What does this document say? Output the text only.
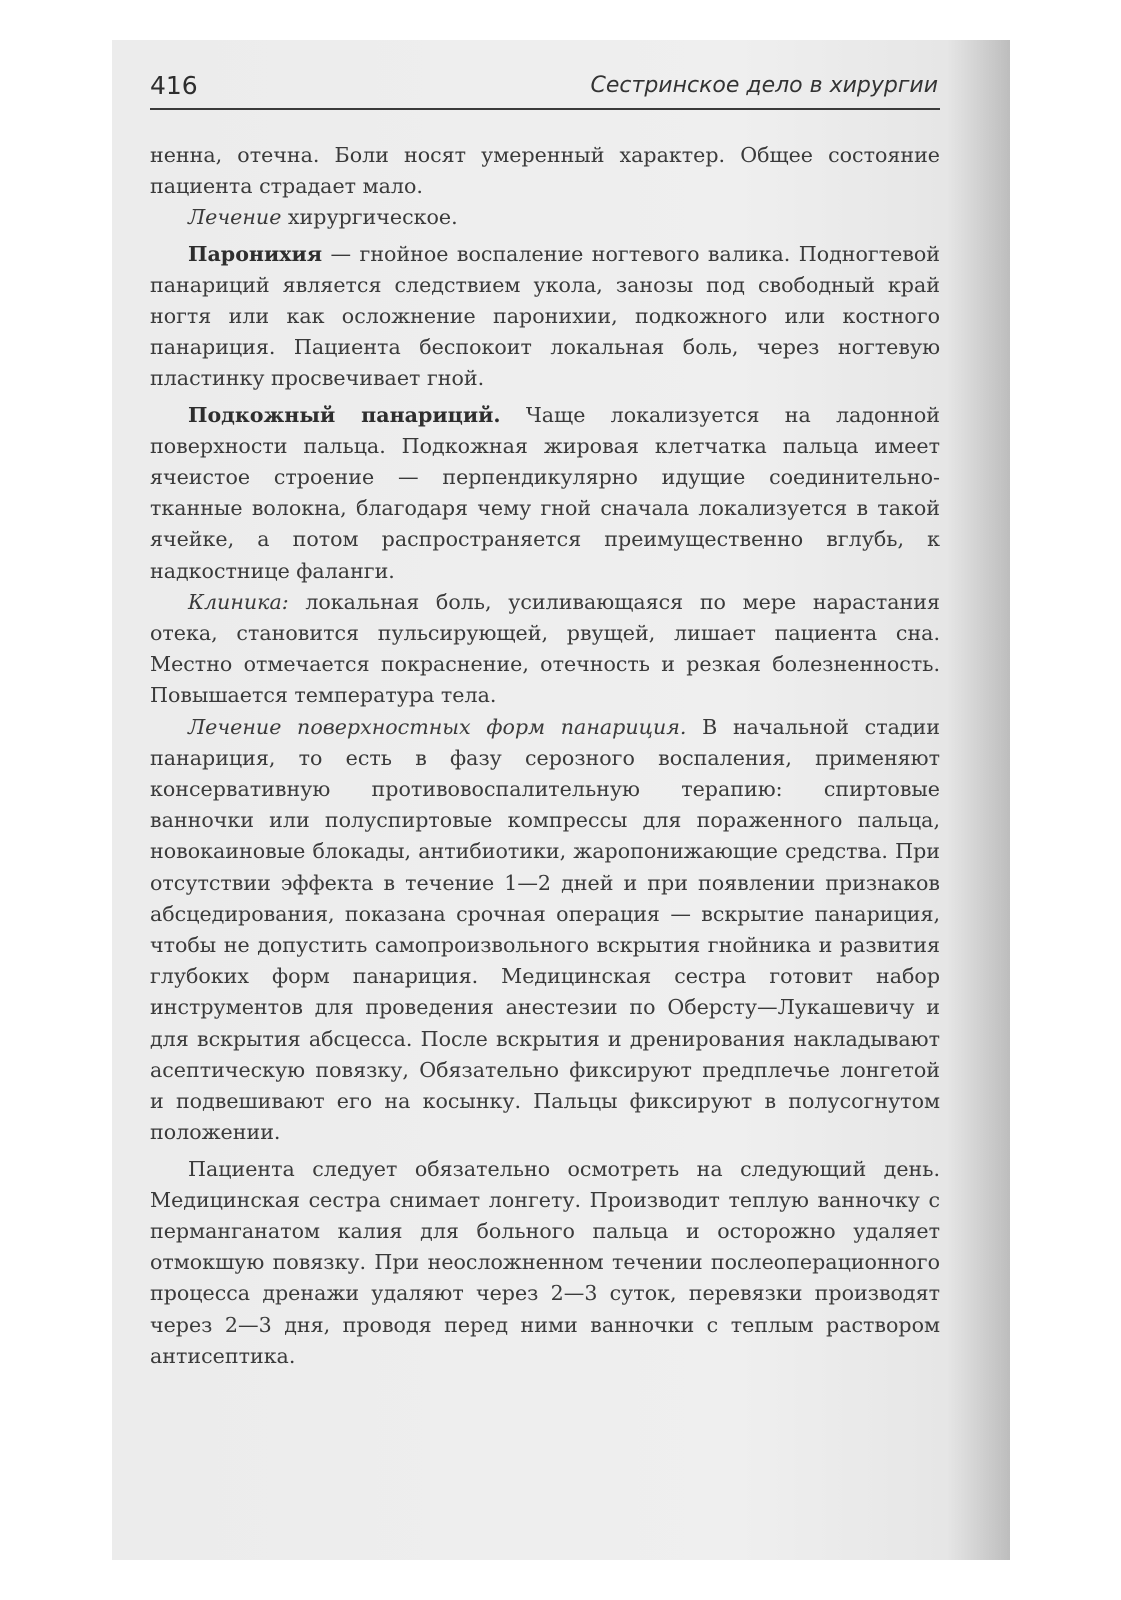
416	Сестринское дело в хирургии

ненна, отечна. Боли носят умеренный характер. Общее состояние пациента страдает мало.

Лечение хирургическое.

Паронихия — гнойное воспаление ногтевого валика. Подногтевой панариций является следствием укола, занозы под свободный край ногтя или как осложнение паронихии, подкожного или костного панариция. Пациента беспокоит локальная боль, через ногтевую пластинку просвечивает гной.

Подкожный панариций. Чаще локализуется на ладонной поверхности пальца. Подкожная жировая клетчатка пальца имеет ячеистое строение — перпендикулярно идущие соединительно-тканные волокна, благодаря чему гной сначала локализуется в такой ячейке, а потом распространяется преимущественно вглубь, к надкостнице фаланги.

Клиника: локальная боль, усиливающаяся по мере нарастания отека, становится пульсирующей, рвущей, лишает пациента сна. Местно отмечается покраснение, отечность и резкая болезненность. Повышается температура тела.

Лечение поверхностных форм панариция. В начальной стадии панариция, то есть в фазу серозного воспаления, применяют консервативную противовоспалительную терапию: спиртовые ванночки или полуспиртовые компрессы для пораженного пальца, новокаиновые блокады, антибиотики, жаропонижающие средства. При отсутствии эффекта в течение 1—2 дней и при появлении признаков абсцедирования, показана срочная операция — вскрытие панариция, чтобы не допустить самопроизвольного вскрытия гнойника и развития глубоких форм панариция. Медицинская сестра готовит набор инструментов для проведения анестезии по Оберсту—Лукашевичу и для вскрытия абсцесса. После вскрытия и дренирования накладывают асептическую повязку, Обязательно фиксируют предплечье лонгетой и подвешивают его на косынку. Пальцы фиксируют в полусогнутом положении.

Пациента следует обязательно осмотреть на следующий день. Медицинская сестра снимает лонгету. Производит теплую ванночку с перманганатом калия для больного пальца и осторожно удаляет отмокшую повязку. При неосложненном течении послеоперационного процесса дренажи удаляют через 2—3 суток, перевязки производят через 2—3 дня, проводя перед ними ванночки с теплым раствором антисептика.
